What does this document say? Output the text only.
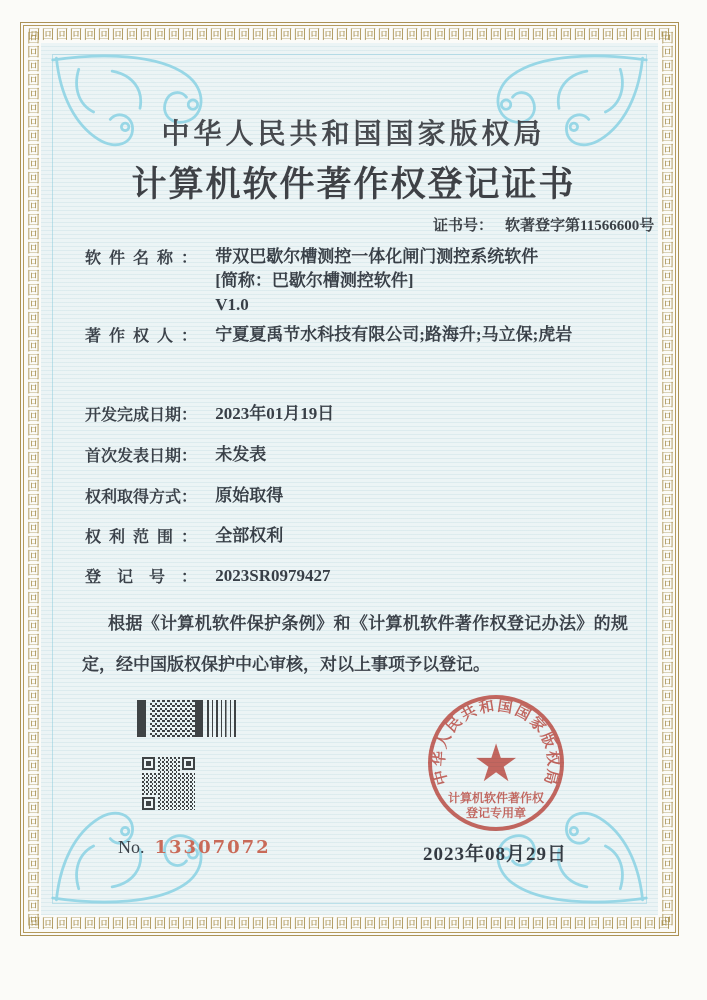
回回回回回回回回回回回回回回回回回回回回回回回回回回回回回回回回回回回回回回回回回回回回回回
回回回回回回回回回回回回回回回回回回回回回回回回回回回回回回回回回回回回回回回回回回回回回回
回回回回回回回回回回回回回回回回回回回回回回回回回回回回回回回回回回回回回回回回回回回回回回回回回回回回回回回回回回回回回回回回	回回回回回回回回回回回回回回回回回回回回回回回回回回回回回回回回回回回回回回回回回回回回回回回回回回回回回回回回回回回回回回回回
中华人民共和国国家版权局
计算机软件著作权登记证书
证书号： 软著登字第11566600号
软件名称： 带双巴歇尔槽测控一体化闸门测控系统软件
[简称：巴歇尔槽测控软件]
V1.0
著作权人： 宁夏夏禹节水科技有限公司;路海升;马立保;虎岩
开发完成日期： 2023年01月19日
首次发表日期： 未发表
权利取得方式： 原始取得
权利范围： 全部权利
登记号： 2023SR0979427
根据《计算机软件保护条例》和《计算机软件著作权登记办法》的规定，经中国版权保护中心审核，对以上事项予以登记。
中华人民共和国国家版权局
★
计算机软件著作权
登记专用章
No. 13307072	2023年08月29日
